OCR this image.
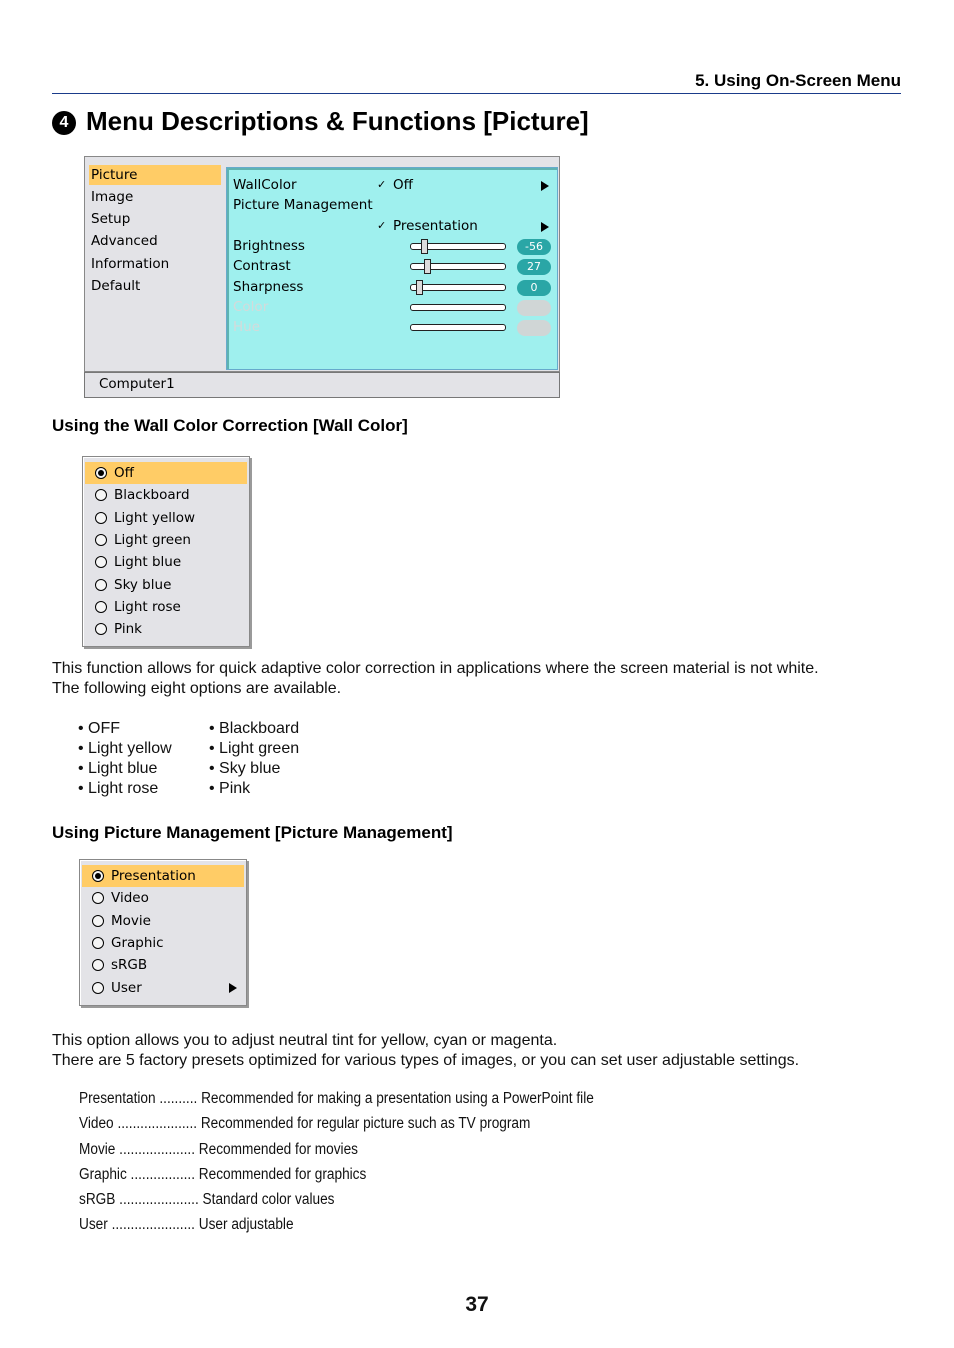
5. Using On-Screen Menu
4 Menu Descriptions & Functions [Picture]
Picture
Image
Setup
Advanced
Information
Default
WallColor	✓ Off
Picture Management
✓ Presentation
Brightness	-56
Contrast	27
Sharpness	0
Color
Hue
Computer1
Using the Wall Color Correction [Wall Color]
Off
Blackboard
Light yellow
Light green
Light blue
Sky blue
Light rose
Pink
This function allows for quick adaptive color correction in applications where the screen material is not white.
The following eight options are available.
• OFF
• Light yellow
• Light blue
• Light rose
• Blackboard
• Light green
• Sky blue
• Pink
Using Picture Management [Picture Management]
Presentation
Video
Movie
Graphic
sRGB
User
This option allows you to adjust neutral tint for yellow, cyan or magenta.
There are 5 factory presets optimized for various types of images, or you can set user adjustable settings.
Presentation .......... Recommended for making a presentation using a PowerPoint file
Video ..................... Recommended for regular picture such as TV program
Movie .................... Recommended for movies
Graphic ................. Recommended for graphics
sRGB ..................... Standard color values
User ...................... User adjustable
37
